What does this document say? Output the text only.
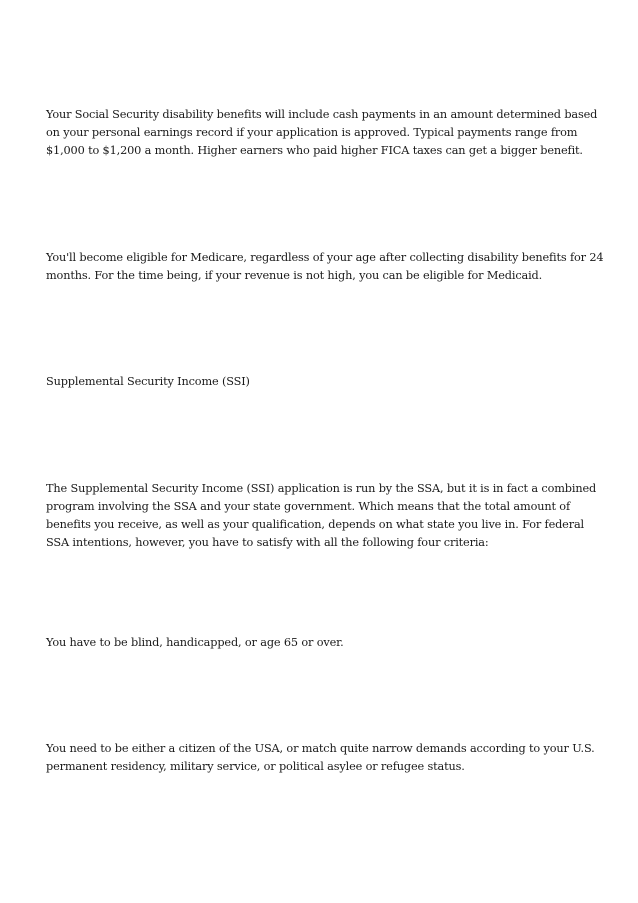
Your Social Security disability benefits will include cash payments in an amount determined based on your personal earnings record if your application is approved. Typical payments range from $1,000 to $1,200 a month. Higher earners who paid higher FICA taxes can get a bigger benefit.

You'll become eligible for Medicare, regardless of your age after collecting disability benefits for 24 months. For the time being, if your revenue is not high, you can be eligible for Medicaid.

Supplemental Security Income (SSI)

The Supplemental Security Income (SSI) application is run by the SSA, but it is in fact a combined program involving the SSA and your state government. Which means that the total amount of benefits you receive, as well as your qualification, depends on what state you live in. For federal SSA intentions, however, you have to satisfy with all the following four criteria:

You have to be blind, handicapped, or age 65 or over.

You need to be either a citizen of the USA, or match quite narrow demands according to your U.S. permanent residency, military service, or political asylee or refugee status.
